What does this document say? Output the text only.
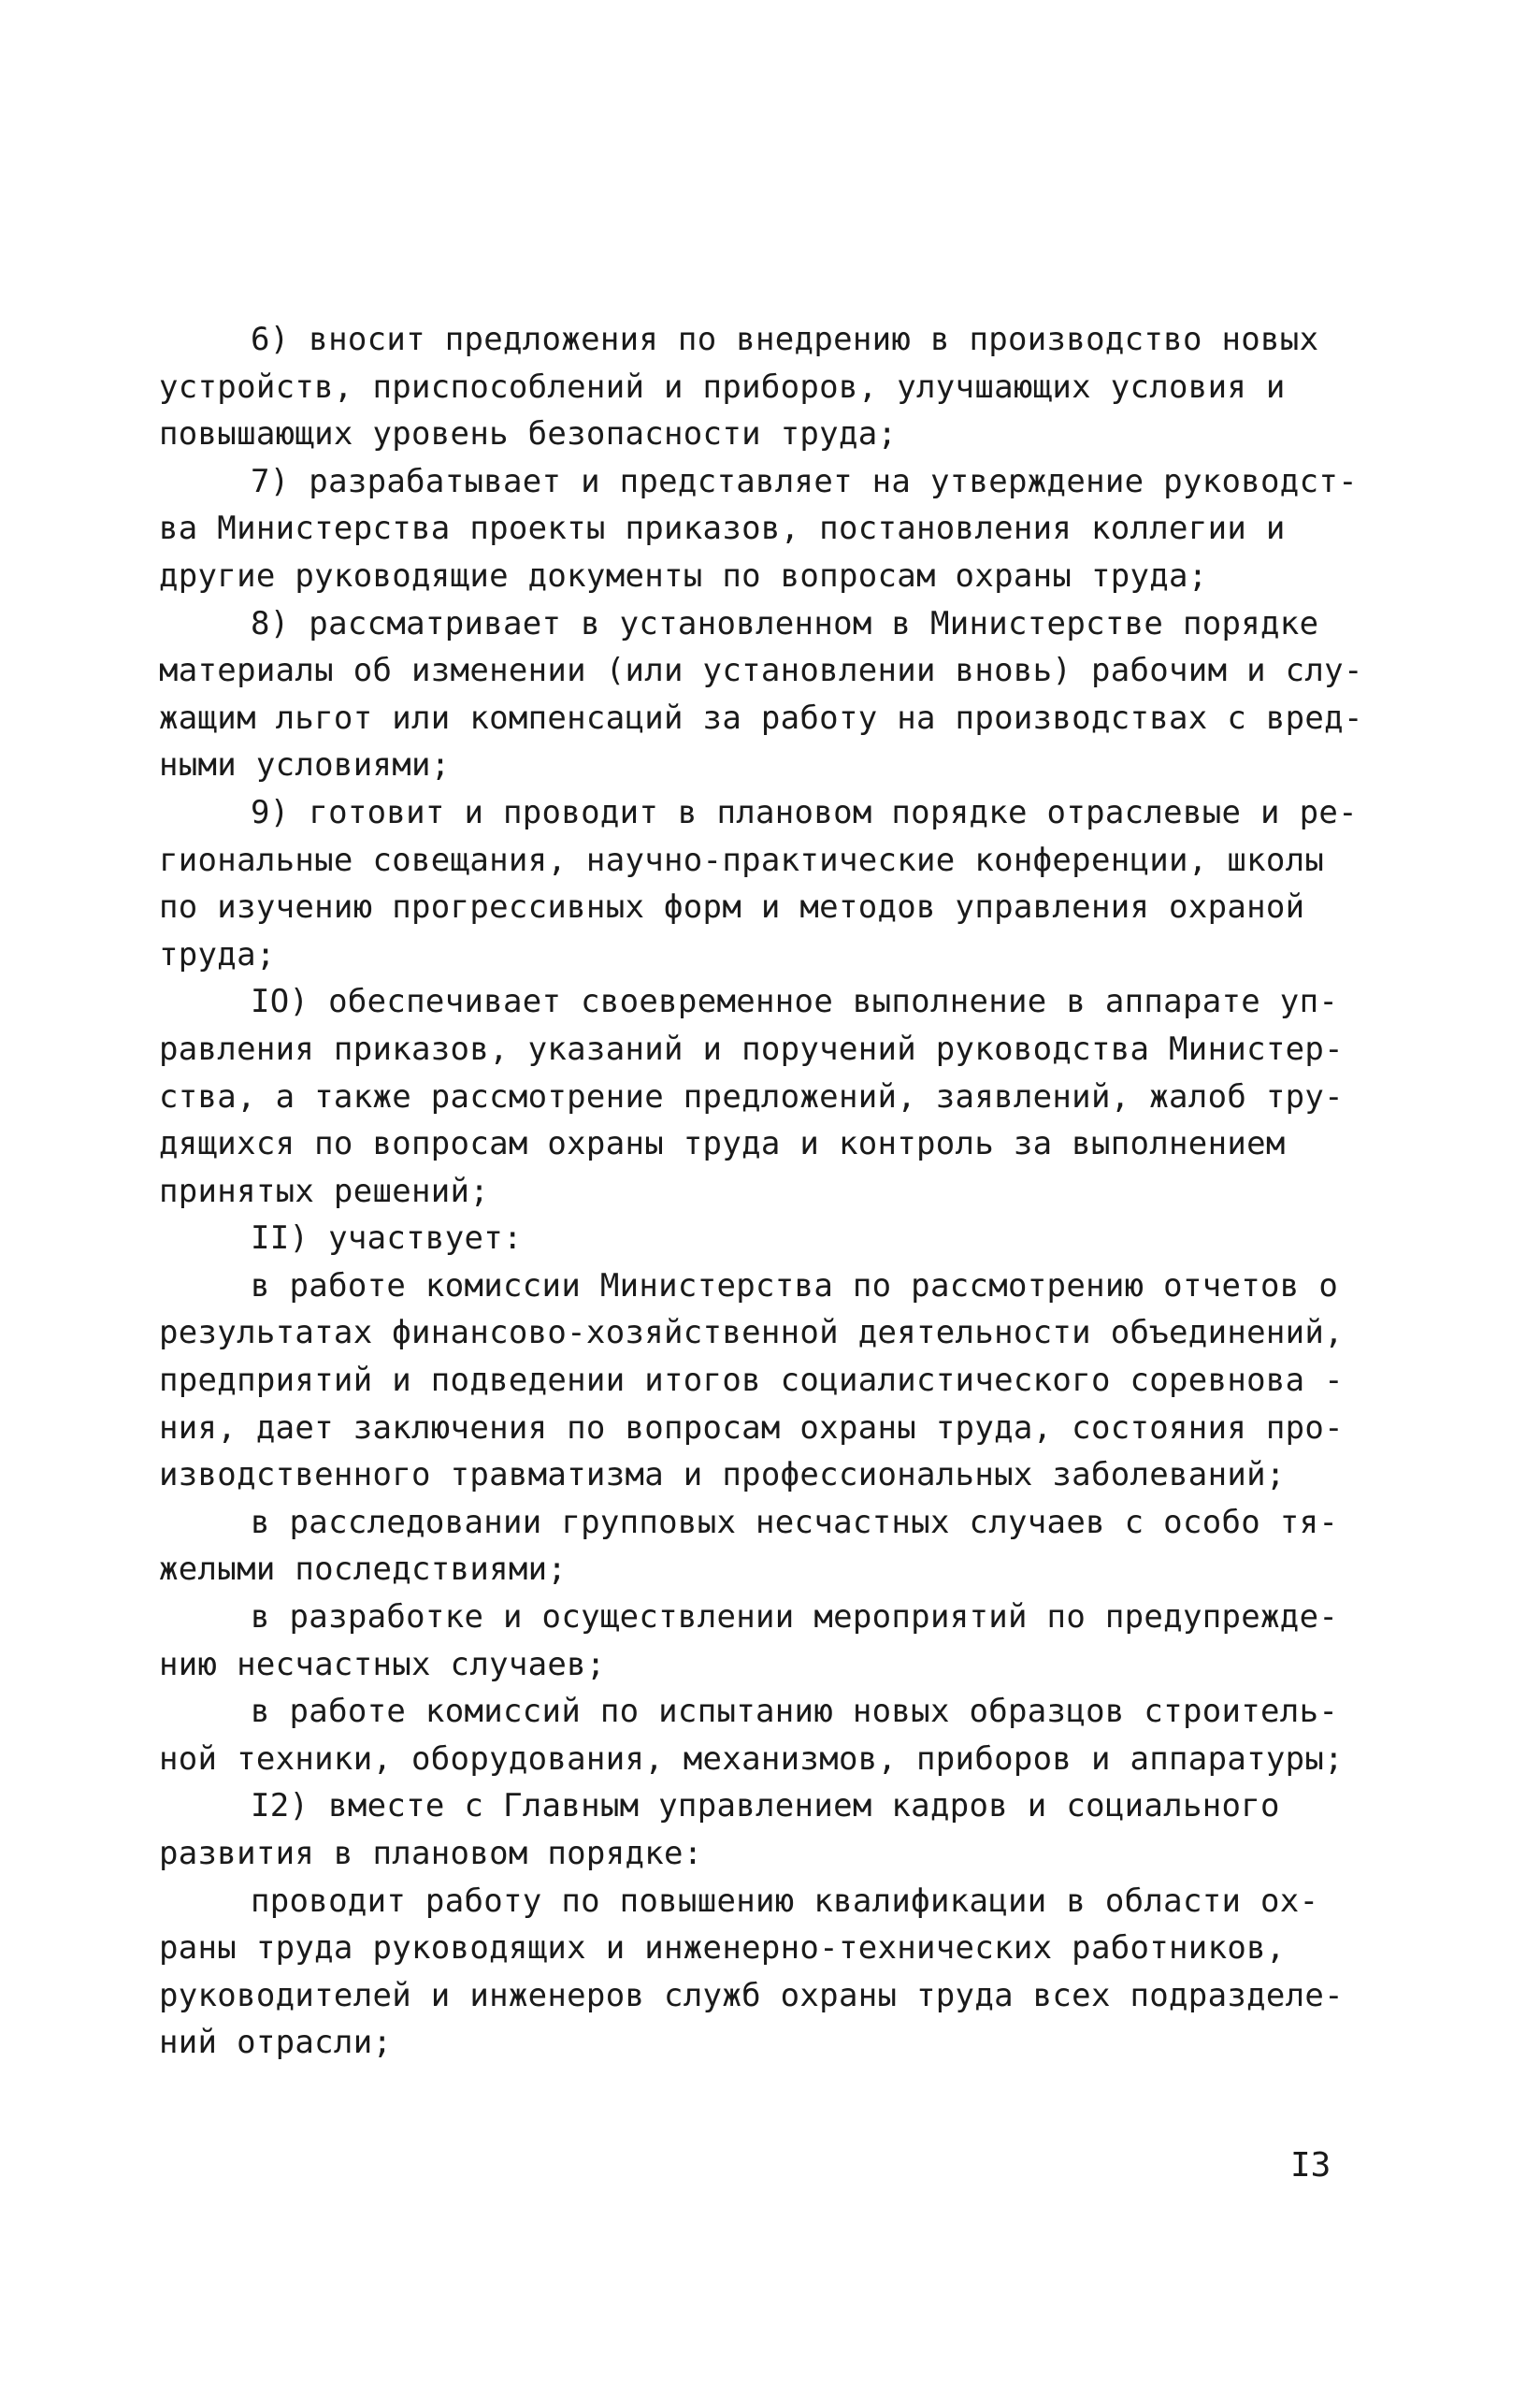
6) вносит предложения по внедрению в производство новых
устройств, приспособлений и приборов, улучшающих условия и
повышающих уровень безопасности труда;
7) разрабатывает и представляет на утверждение руководст-
ва Министерства проекты приказов, постановления коллегии и
другие руководящие документы по вопросам охраны труда;
8) рассматривает в установленном в Министерстве порядке
материалы об изменении (или установлении вновь) рабочим и слу-
жащим льгот или компенсаций за работу на производствах с вред-
ными условиями;
9) готовит и проводит в плановом порядке отраслевые и ре-
гиональные совещания, научно-практические конференции, школы
по изучению прогрессивных форм и методов управления охраной
труда;
IO) обеспечивает своевременное выполнение в аппарате уп-
равления приказов, указаний и поручений руководства Министер-
ства, а также рассмотрение предложений, заявлений, жалоб тру-
дящихся по вопросам охраны труда и контроль за выполнением
принятых решений;
II) участвует:
в работе комиссии Министерства по рассмотрению отчетов о
результатах финансово-хозяйственной деятельности объединений,
предприятий и подведении итогов социалистического соревнова -
ния, дает заключения по вопросам охраны труда, состояния про-
изводственного травматизма и профессиональных заболеваний;
в расследовании групповых несчастных случаев с особо тя-
желыми последствиями;
в разработке и осуществлении мероприятий по предупрежде-
нию несчастных случаев;
в работе комиссий по испытанию новых образцов строитель-
ной техники, оборудования, механизмов, приборов и аппаратуры;
I2) вместе с Главным управлением кадров и социального
развития в плановом порядке:
проводит работу по повышению квалификации в области ох-
раны труда руководящих и инженерно-технических работников,
руководителей и инженеров служб охраны труда всех подразделе-
ний отрасли;
I3
